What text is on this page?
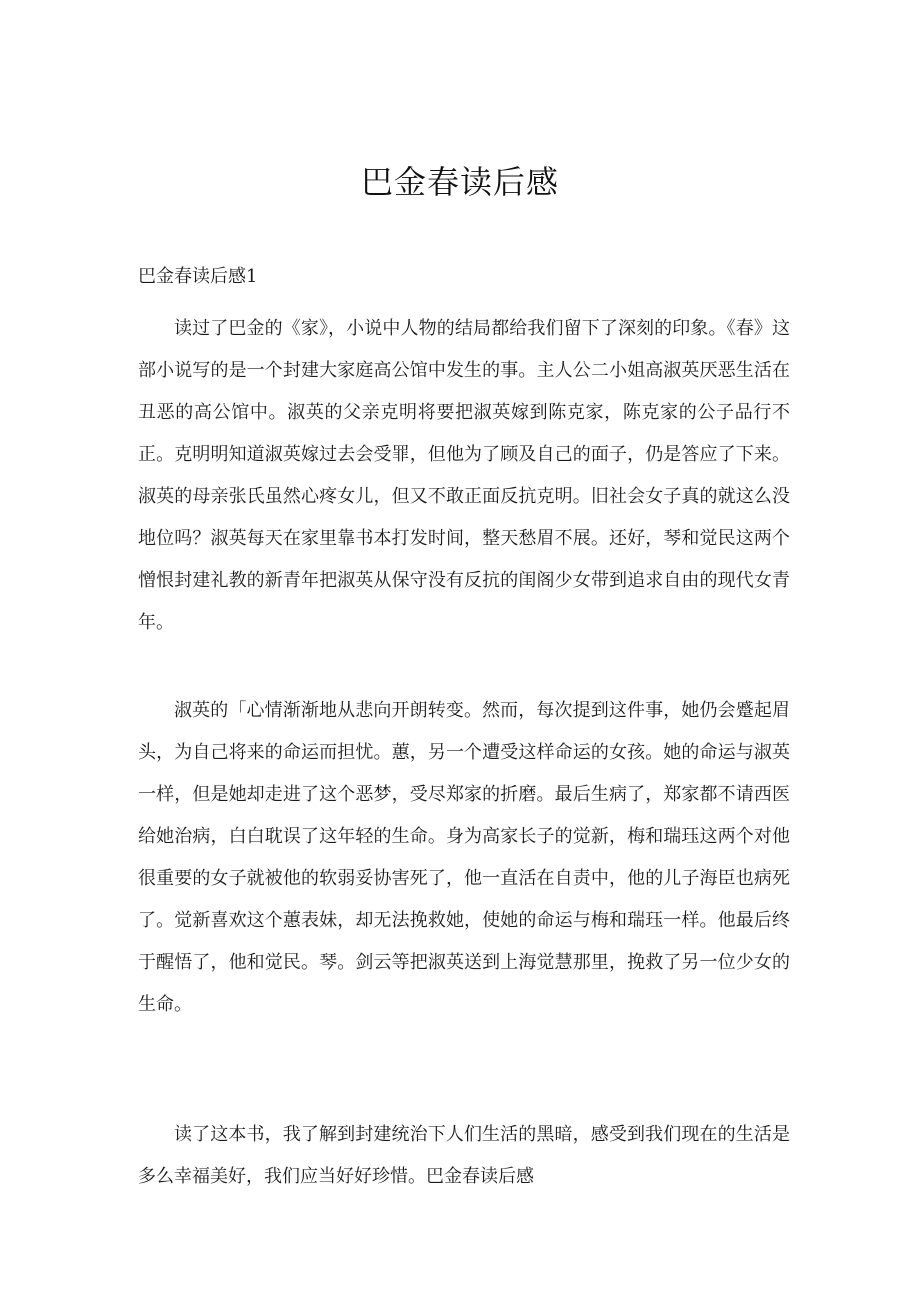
巴金春读后感
巴金春读后感1

读过了巴金的《家》，小说中人物的结局都给我们留下了深刻的印象。《春》这部小说写的是一个封建大家庭高公馆中发生的事。主人公二小姐高淑英厌恶生活在丑恶的高公馆中。淑英的父亲克明将要把淑英嫁到陈克家，陈克家的公子品行不正。克明明知道淑英嫁过去会受罪，但他为了顾及自己的面子，仍是答应了下来。淑英的母亲张氏虽然心疼女儿，但又不敢正面反抗克明。旧社会女子真的就这么没地位吗？淑英每天在家里靠书本打发时间，整天愁眉不展。还好，琴和觉民这两个憎恨封建礼教的新青年把淑英从保守没有反抗的闺阁少女带到追求自由的现代女青年。

淑英的「心情渐渐地从悲向开朗转变。然而，每次提到这件事，她仍会蹙起眉头，为自己将来的命运而担忧。蕙，另一个遭受这样命运的女孩。她的命运与淑英一样，但是她却走进了这个恶梦，受尽郑家的折磨。最后生病了，郑家都不请西医给她治病，白白耽误了这年轻的生命。身为高家长子的觉新，梅和瑞珏这两个对他很重要的女子就被他的软弱妥协害死了，他一直活在自责中，他的儿子海臣也病死了。觉新喜欢这个蕙表妹，却无法挽救她，使她的命运与梅和瑞珏一样。他最后终于醒悟了，他和觉民。琴。剑云等把淑英送到上海觉慧那里，挽救了另一位少女的生命。

读了这本书，我了解到封建统治下人们生活的黑暗，感受到我们现在的生活是多么幸福美好，我们应当好好珍惜。巴金春读后感
